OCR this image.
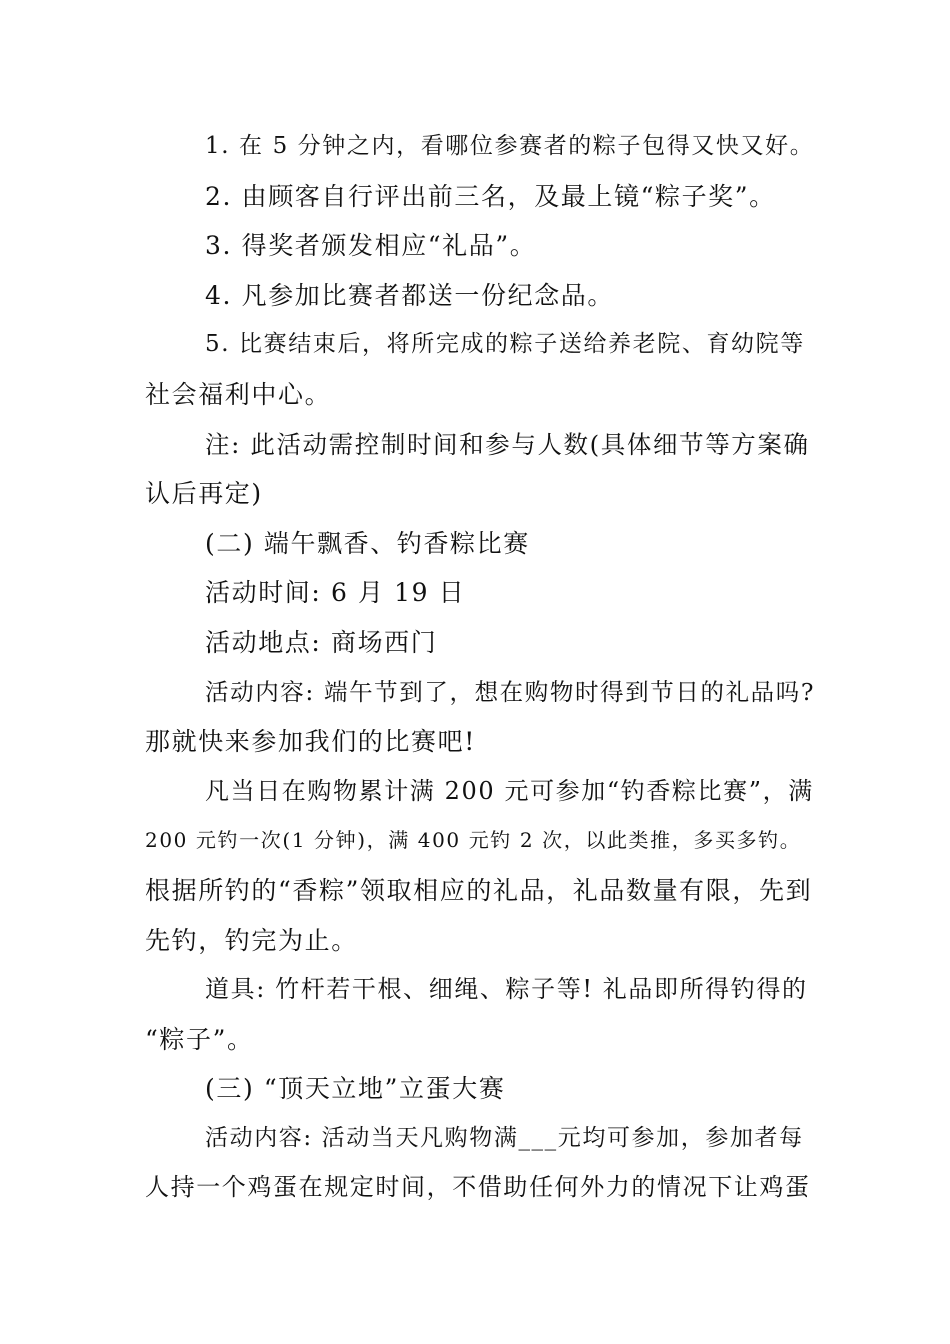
1. 在 5 分钟之内，看哪位参赛者的粽子包得又快又好。

2. 由顾客自行评出前三名，及最上镜“粽子奖”。

3. 得奖者颁发相应“礼品”。

4. 凡参加比赛者都送一份纪念品。

5. 比赛结束后，将所完成的粽子送给养老院、育幼院等
社会福利中心。

注: 此活动需控制时间和参与人数(具体细节等方案确
认后再定)

(二) 端午飘香、钓香粽比赛

活动时间: 6 月 19 日

活动地点: 商场西门

活动内容: 端午节到了，想在购物时得到节日的礼品吗?
那就快来参加我们的比赛吧!

凡当日在购物累计满 200 元可参加“钓香粽比赛”，满
200 元钓一次(1 分钟)，满 400 元钓 2 次，以此类推，多买多钓。
根据所钓的“香粽”领取相应的礼品，礼品数量有限，先到
先钓，钓完为止。

道具: 竹杆若干根、细绳、粽子等! 礼品即所得钓得的
“粽子”。

(三) “顶天立地”立蛋大赛

活动内容: 活动当天凡购物满___元均可参加，参加者每
人持一个鸡蛋在规定时间，不借助任何外力的情况下让鸡蛋
